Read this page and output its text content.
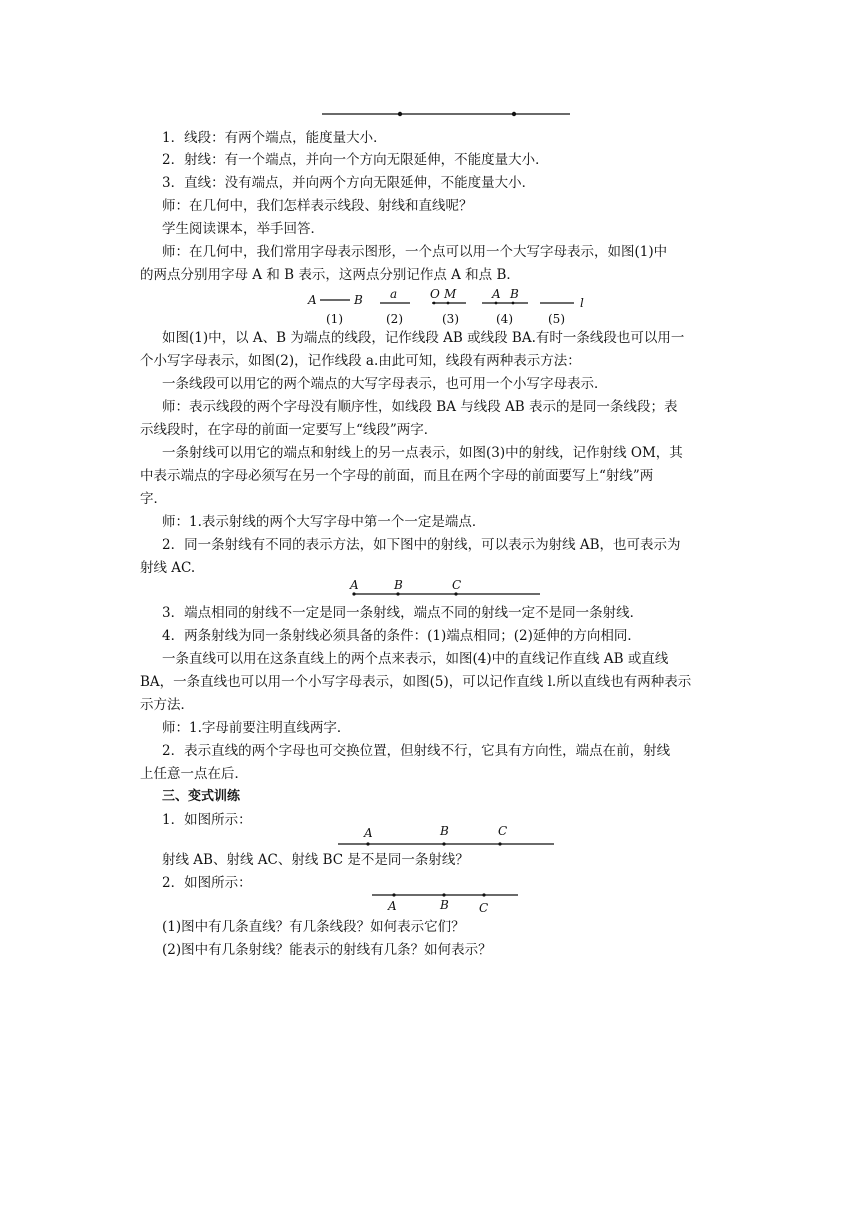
1．线段：有两个端点，能度量大小．
2．射线：有一个端点，并向一个方向无限延伸，不能度量大小．
3．直线：没有端点，并向两个方向无限延伸，不能度量大小．
师：在几何中，我们怎样表示线段、射线和直线呢？
学生阅读课本，举手回答．
师：在几何中，我们常用字母表示图形，一个点可以用一个大写字母表示，如图(1)中
的两点分别用字母 A 和 B 表示，这两点分别记作点 A 和点 B．
A	B
(1)
a
(2)
O M
(3)
A B
(4)
l
(5)
如图(1)中，以 A、B 为端点的线段，记作线段 AB 或线段 BA.有时一条线段也可以用一
个小写字母表示，如图(2)，记作线段 a.由此可知，线段有两种表示方法：
一条线段可以用它的两个端点的大写字母表示，也可用一个小写字母表示．
师：表示线段的两个字母没有顺序性，如线段 BA 与线段 AB 表示的是同一条线段；表
示线段时，在字母的前面一定要写上“线段”两字．
一条射线可以用它的端点和射线上的另一点表示，如图(3)中的射线，记作射线 OM，其
中表示端点的字母必须写在另一个字母的前面，而且在两个字母的前面要写上“射线”两
字．
师：1.表示射线的两个大写字母中第一个一定是端点．
2．同一条射线有不同的表示方法，如下图中的射线，可以表示为射线 AB，也可表示为
射线 AC.
A	B	C
3．端点相同的射线不一定是同一条射线，端点不同的射线一定不是同一条射线．
4．两条射线为同一条射线必须具备的条件：(1)端点相同；(2)延伸的方向相同．
一条直线可以用在这条直线上的两个点来表示，如图(4)中的直线记作直线 AB 或直线
BA，一条直线也可以用一个小写字母表示，如图(5)，可以记作直线 l.所以直线也有两种表示
示方法．
师：1.字母前要注明直线两字．
2．表示直线的两个字母也可交换位置，但射线不行，它具有方向性，端点在前，射线
上任意一点在后．
三、变式训练
1．如图所示：
A	B	C
射线 AB、射线 AC、射线 BC 是不是同一条射线？
2．如图所示：
A	B	C
(1)图中有几条直线？有几条线段？如何表示它们？
(2)图中有几条射线？能表示的射线有几条？如何表示？
